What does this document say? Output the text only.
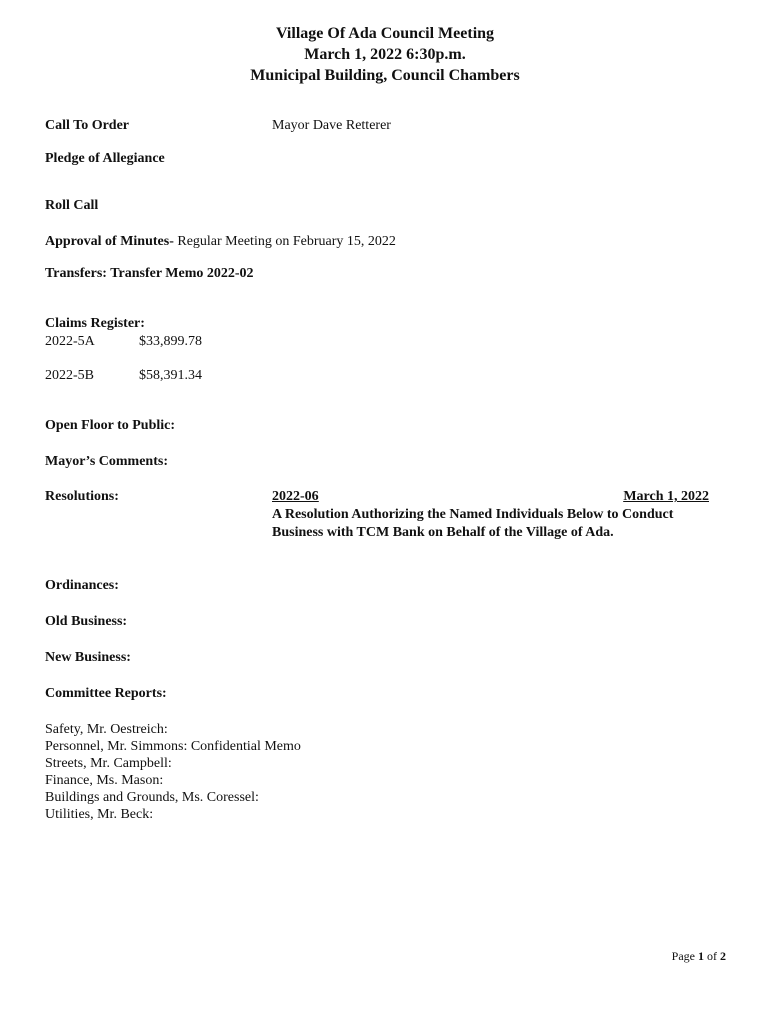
Village Of Ada Council Meeting
March 1, 2022 6:30p.m.
Municipal Building, Council Chambers
Call To Order	Mayor Dave Retterer
Pledge of Allegiance
Roll Call
Approval of Minutes- Regular Meeting on February 15, 2022
Transfers: Transfer Memo 2022-02
Claims Register:
2022-5A	$33,899.78
2022-5B	$58,391.34
Open Floor to Public:
Mayor’s Comments:
Resolutions:	2022-06	March 1, 2022
A Resolution Authorizing the Named Individuals Below to Conduct
Business with TCM Bank on Behalf of the Village of Ada.
Ordinances:
Old Business:
New Business:
Committee Reports:
Safety, Mr. Oestreich:
Personnel, Mr. Simmons: Confidential Memo
Streets, Mr. Campbell:
Finance, Ms. Mason:
Buildings and Grounds, Ms. Coressel:
Utilities, Mr. Beck:
Page 1 of 2
